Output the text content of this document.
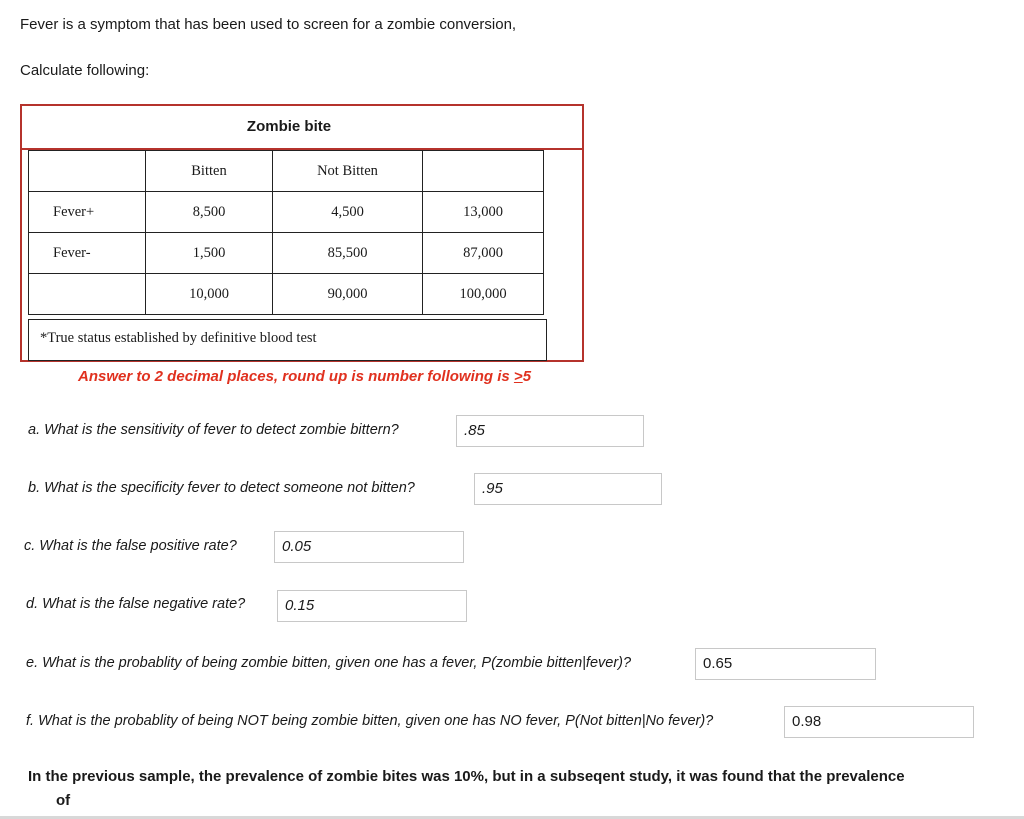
Fever is a symptom that has been used to screen for a zombie conversion,
Calculate following:
Zombie bite
	Bitten	Not Bitten	
Fever+	8,500	4,500	13,000
Fever-	1,500	85,500	87,000
	10,000	90,000	100,000
*True status established by definitive blood test
Answer to 2 decimal places, round up is number following is ≥5
a. What is the sensitivity of fever to detect zombie bittern?	.85
b. What is the specificity fever to detect someone not bitten?	.95
c. What is the false positive rate?	0.05
d. What is the false negative rate?	0.15
e. What is the probablity of being zombie bitten, given one has a fever, P(zombie bitten|fever)?	0.65
f. What is the probablity of being NOT being zombie bitten, given one has NO fever, P(Not bitten|No fever)?	0.98
In the previous sample, the prevalence of zombie bites was 10%, but in a subseqent study, it was found that the prevalence
of
